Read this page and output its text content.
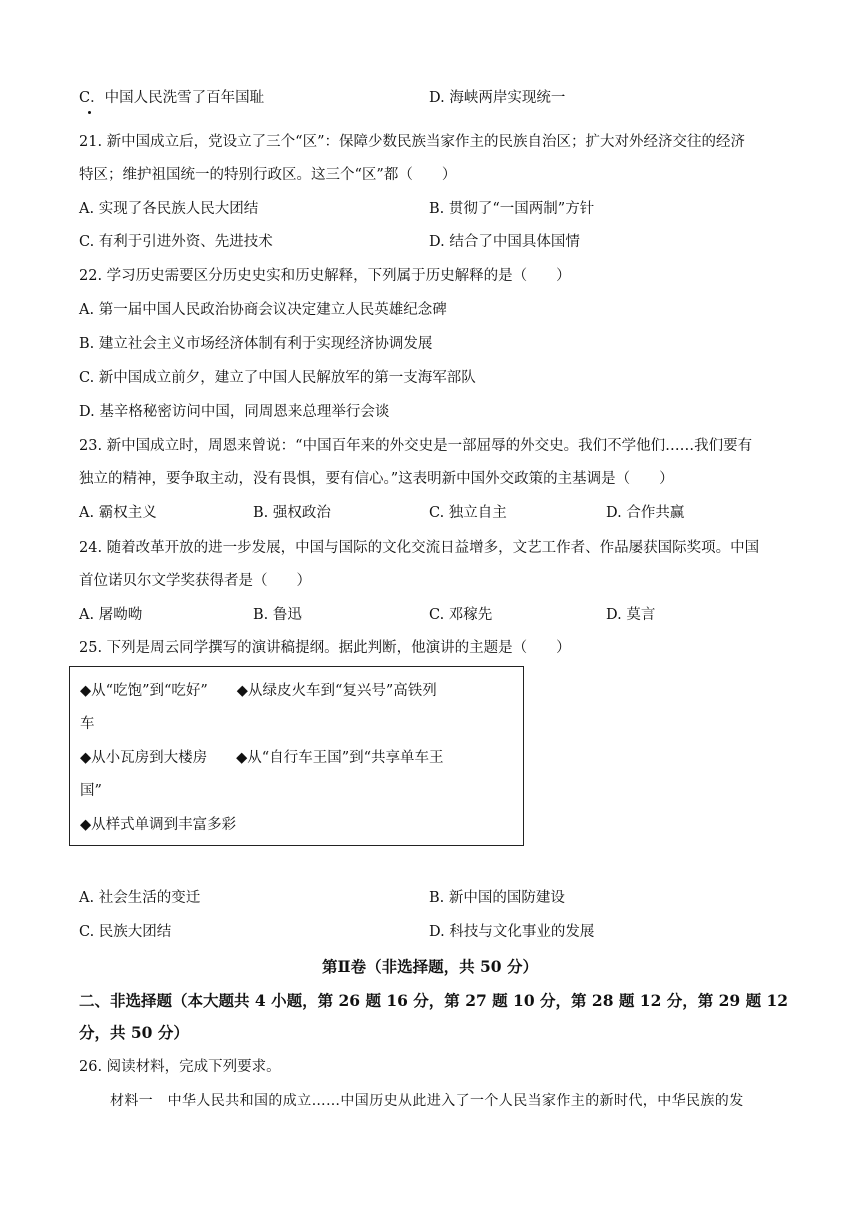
C．中国人民洗雪了百年国耻	D. 海峡两岸实现统一
21. 新中国成立后，党设立了三个“区”：保障少数民族当家作主的民族自治区；扩大对外经济交往的经济
特区；维护祖国统一的特别行政区。这三个“区”都（　　）
A. 实现了各民族人民大团结	B. 贯彻了“一国两制”方针
C. 有利于引进外资、先进技术	D. 结合了中国具体国情
22. 学习历史需要区分历史史实和历史解释，下列属于历史解释的是（　　）
A. 第一届中国人民政治协商会议决定建立人民英雄纪念碑
B. 建立社会主义市场经济体制有利于实现经济协调发展
C. 新中国成立前夕，建立了中国人民解放军的第一支海军部队
D. 基辛格秘密访问中国，同周恩来总理举行会谈
23. 新中国成立时，周恩来曾说：“中国百年来的外交史是一部屈辱的外交史。我们不学他们……我们要有
独立的精神，要争取主动，没有畏惧，要有信心。”这表明新中国外交政策的主基调是（　　）
A. 霸权主义	B. 强权政治	C. 独立自主	D. 合作共赢
24. 随着改革开放的进一步发展，中国与国际的文化交流日益增多，文艺工作者、作品屡获国际奖项。中国
首位诺贝尔文学奖获得者是（　　）
A. 屠呦呦	B. 鲁迅	C. 邓稼先	D. 莫言
25. 下列是周云同学撰写的演讲稿提纲。据此判断，他演讲的主题是（　　）
◆从“吃饱”到“吃好”　　◆从绿皮火车到“复兴号”高铁列
车
◆从小瓦房到大楼房　　◆从“自行车王国”到“共享单车王
国”
◆从样式单调到丰富多彩
A. 社会生活的变迁	B. 新中国的国防建设
C. 民族大团结	D. 科技与文化事业的发展
第Ⅱ卷（非选择题，共 50 分）
二、非选择题（本大题共 4 小题，第 26 题 16 分，第 27 题 10 分，第 28 题 12 分，第 29 题 12
分，共 50 分）
26. 阅读材料，完成下列要求。
材料一　中华人民共和国的成立……中国历史从此进入了一个人民当家作主的新时代，中华民族的发
